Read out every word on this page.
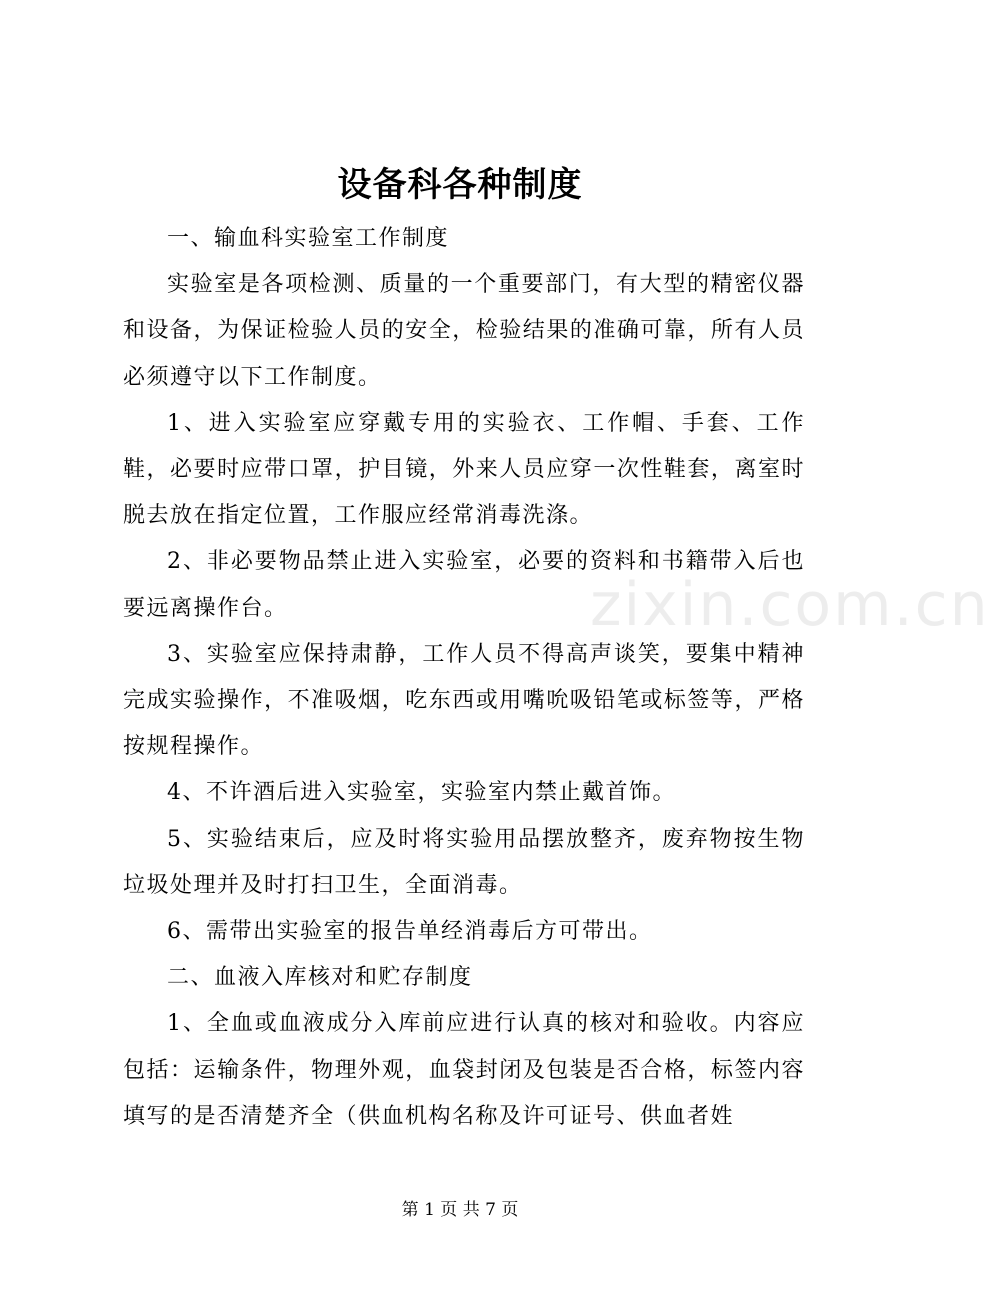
设备科各种制度
zixin.com.cn

一、输血科实验室工作制度

实验室是各项检测、质量的一个重要部门，有大型的精密仪器和设备，为保证检验人员的安全，检验结果的准确可靠，所有人员必须遵守以下工作制度。

1、进入实验室应穿戴专用的实验衣、工作帽、手套、工作鞋，必要时应带口罩，护目镜，外来人员应穿一次性鞋套，离室时脱去放在指定位置，工作服应经常消毒洗涤。

2、非必要物品禁止进入实验室，必要的资料和书籍带入后也要远离操作台。

3、实验室应保持肃静，工作人员不得高声谈笑，要集中精神完成实验操作，不准吸烟，吃东西或用嘴吮吸铅笔或标签等，严格按规程操作。

4、不许酒后进入实验室，实验室内禁止戴首饰。

5、实验结束后，应及时将实验用品摆放整齐，废弃物按生物垃圾处理并及时打扫卫生，全面消毒。

6、需带出实验室的报告单经消毒后方可带出。

二、血液入库核对和贮存制度

1、全血或血液成分入库前应进行认真的核对和验收。内容应包括：运输条件，物理外观，血袋封闭及包装是否合格，标签内容填写的是否清楚齐全（供血机构名称及许可证号、供血者姓

第 1 页 共 7 页
